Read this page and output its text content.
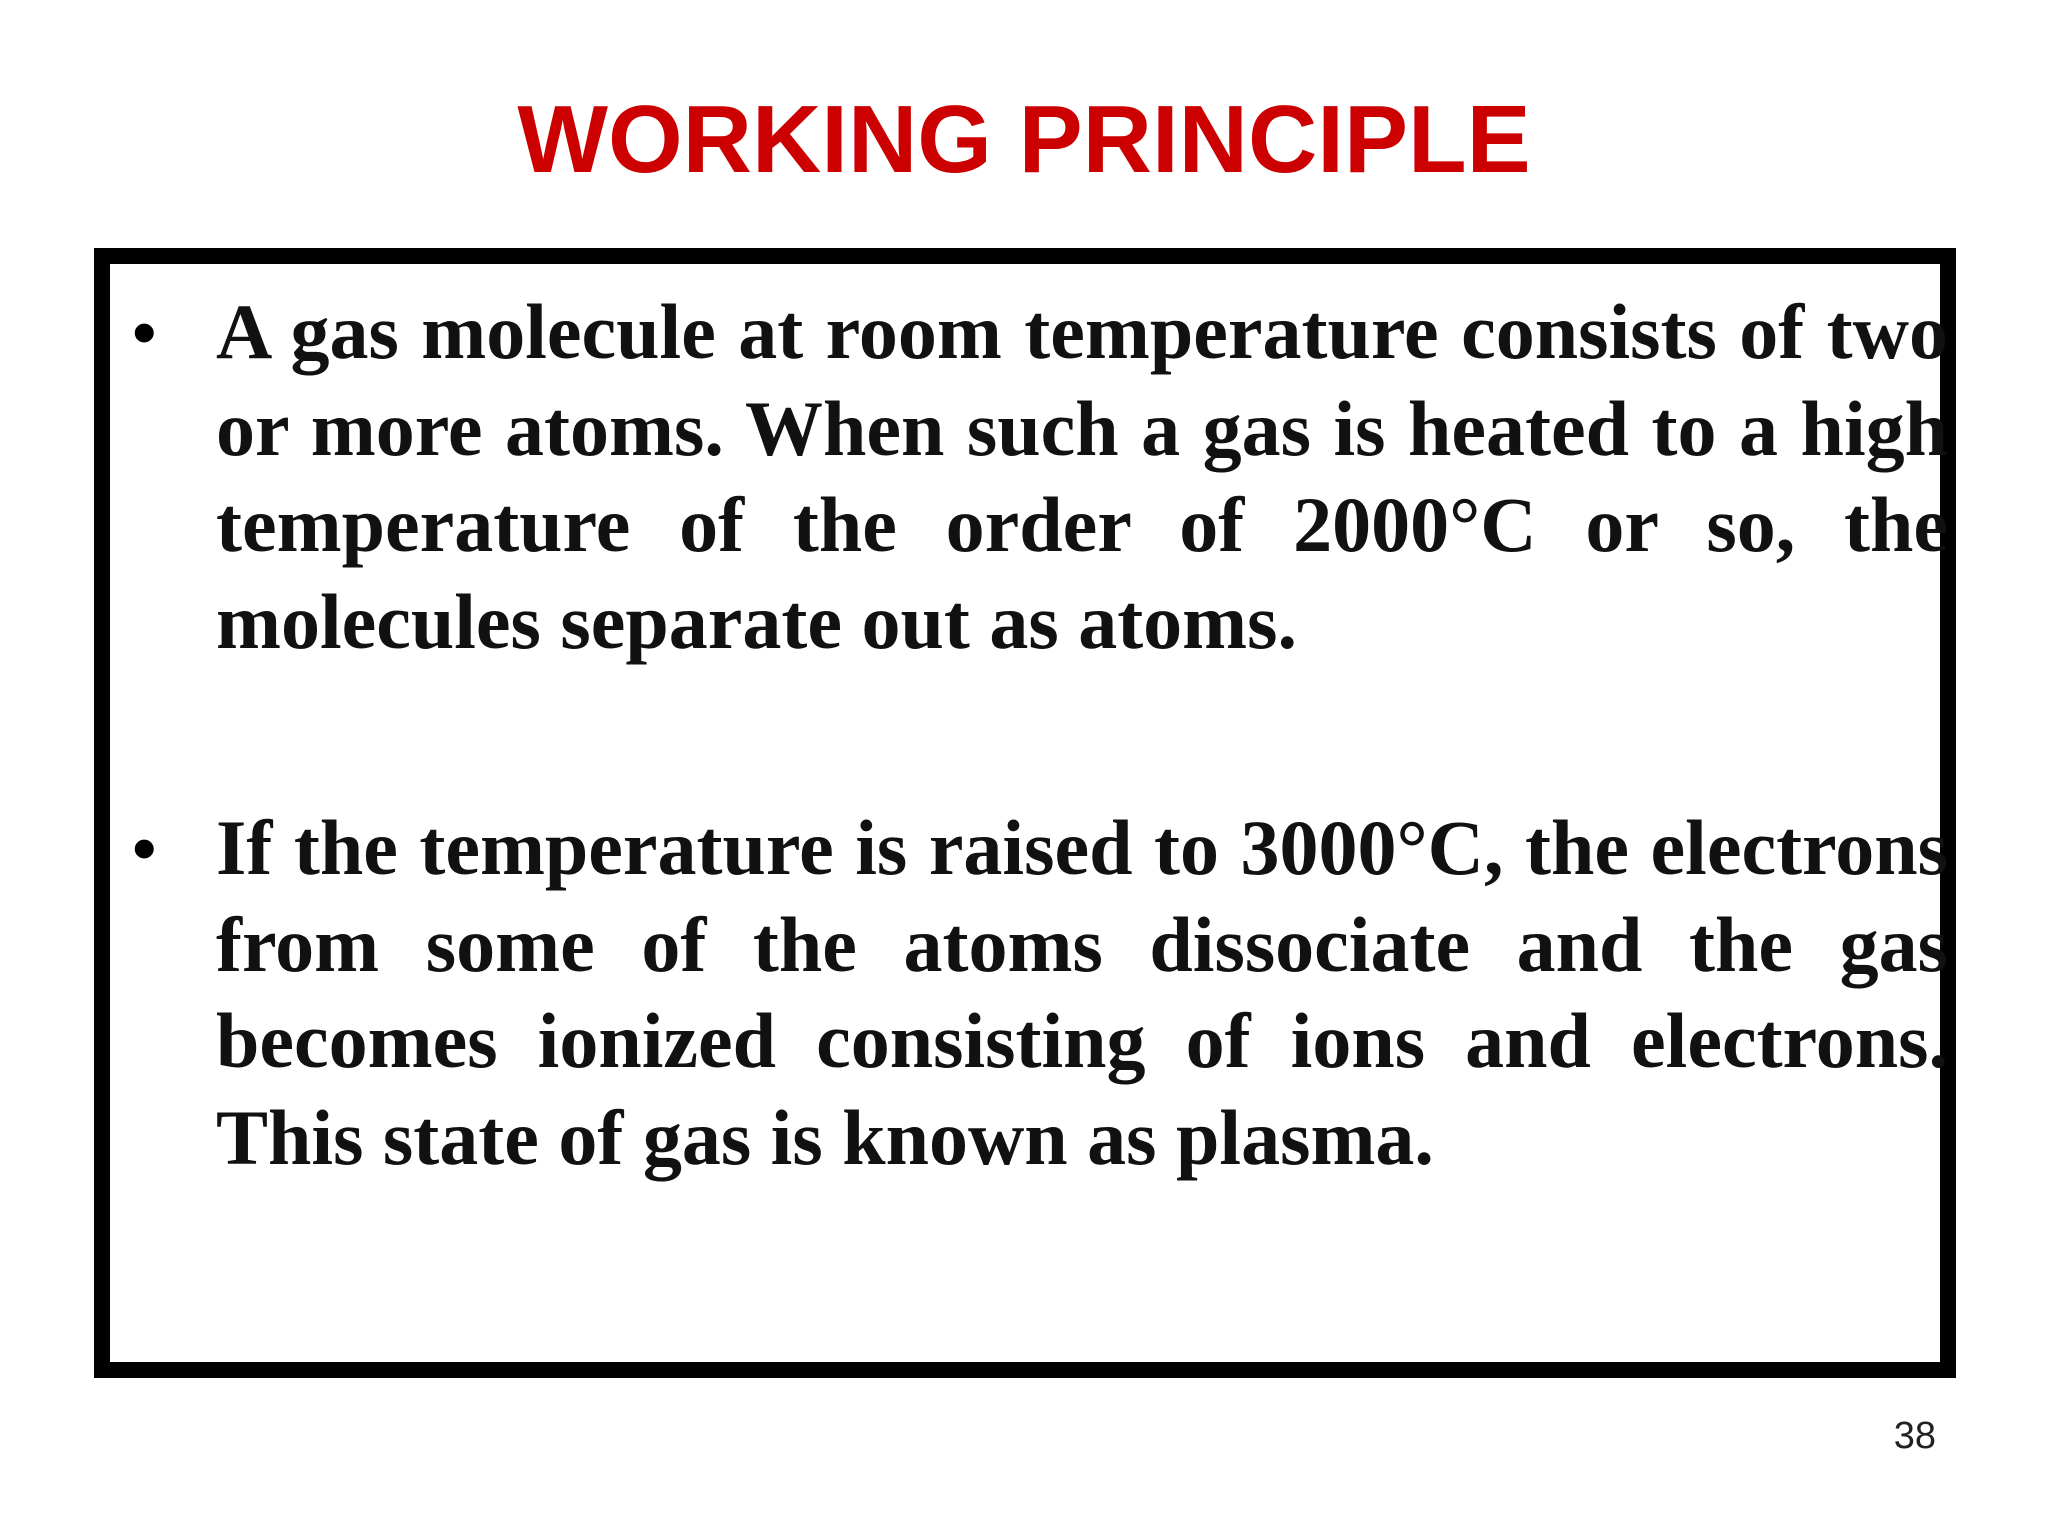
WORKING PRINCIPLE
• A gas molecule at room temperature consists of two or more atoms. When such a gas is heated to a high temperature of the order of 2000°C or so, the molecules separate out as atoms.

• If the temperature is raised to 3000°C, the electrons from some of the atoms dissociate and the gas becomes ionized consisting of ions and electrons. This state of gas is known as plasma.

38
